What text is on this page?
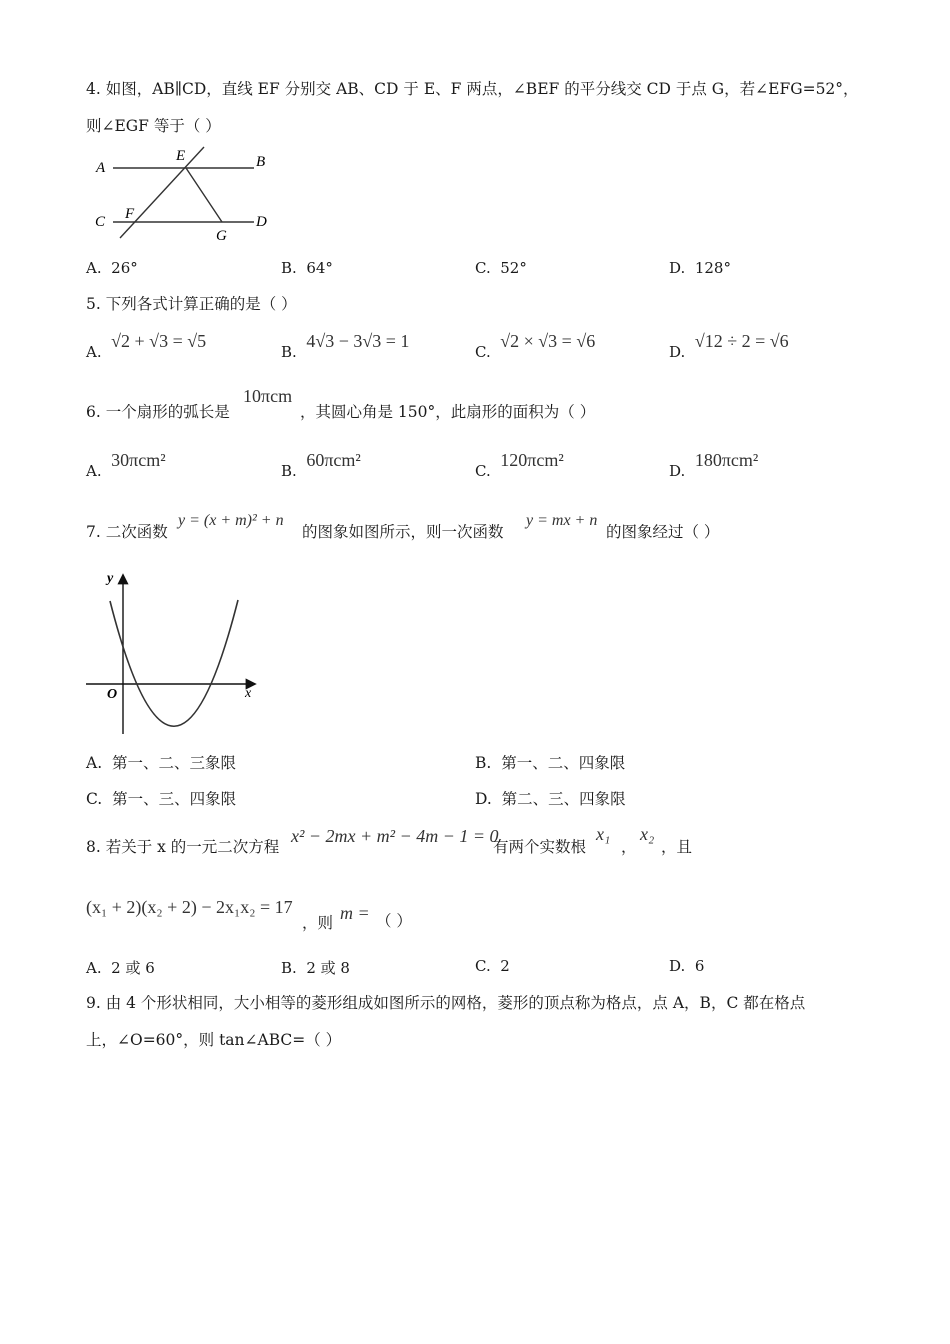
4. 如图，AB∥CD，直线 EF 分别交 AB、CD 于 E、F 两点，∠BEF 的平分线交 CD 于点 G，若∠EFG=52°，
则∠EGF 等于（ ）
A
E	B
C F
G
D
A. 26°	B. 64°	C. 52°	D. 128°
5. 下列各式计算正确的是（ ）
A.  √2 + √3 = √5
B.  4√3 − 3√3 = 1
C.  √2 × √3 = √6
D.  √12 ÷ 2 = √6
6. 一个扇形的弧长是
10πcm
，其圆心角是 150°，此扇形的面积为（ ）
A.  30πcm²
B.  60πcm²
C.  120πcm²
D.  180πcm²
7. 二次函数
y = (x + m)² + n
的图象如图所示，则一次函数
y = mx + n
的图象经过（ ）
y
O	x
A. 第一、二、三象限	B. 第一、二、四象限
C. 第一、三、四象限	D. 第二、三、四象限
8. 若关于 x 的一元二次方程
x² − 2mx + m² − 4m − 1 = 0
有两个实数根
x₁
，
x₂
，且
(x₁ + 2)(x₂ + 2) − 2x₁x₂ = 17
，则 m = （ ）
A. 2 或 6	B. 2 或 8	C. 2	D. 6
9. 由 4 个形状相同，大小相等的菱形组成如图所示的网格，菱形的顶点称为格点，点 A，B，C 都在格点
上，∠O=60°，则 tan∠ABC=（ ）
